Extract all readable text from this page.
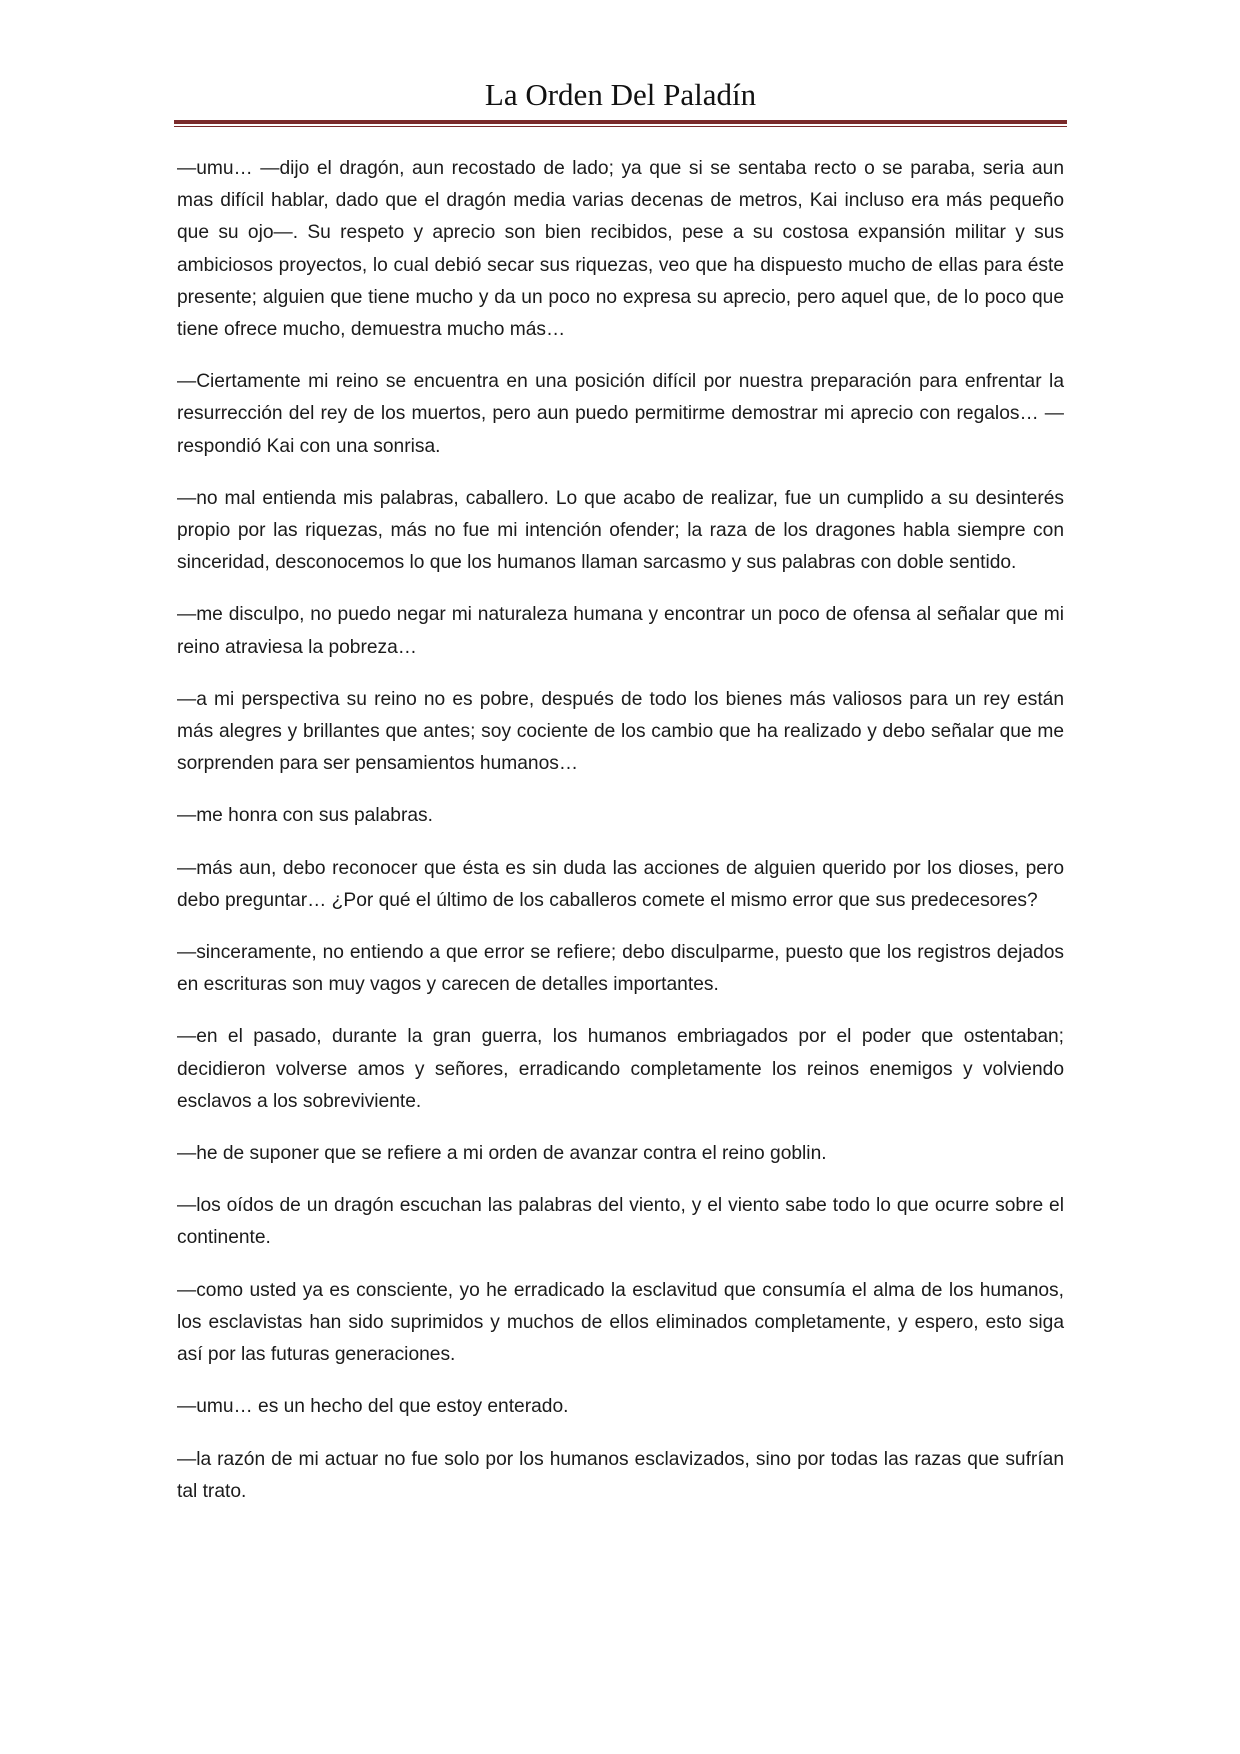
La Orden Del Paladín

—umu… —dijo el dragón, aun recostado de lado; ya que si se sentaba recto o se paraba, seria aun mas difícil hablar, dado que el dragón media varias decenas de metros, Kai incluso era más pequeño que su ojo—. Su respeto y aprecio son bien recibidos, pese a su costosa expansión militar y sus ambiciosos proyectos, lo cual debió secar sus riquezas, veo que ha dispuesto mucho de ellas para éste presente; alguien que tiene mucho y da un poco no expresa su aprecio, pero aquel que, de lo poco que tiene ofrece mucho, demuestra mucho más…

—Ciertamente mi reino se encuentra en una posición difícil por nuestra preparación para enfrentar la resurrección del rey de los muertos, pero aun puedo permitirme demostrar mi aprecio con regalos… —respondió Kai con una sonrisa.

—no mal entienda mis palabras, caballero. Lo que acabo de realizar, fue un cumplido a su desinterés propio por las riquezas, más no fue mi intención ofender; la raza de los dragones habla siempre con sinceridad, desconocemos lo que los humanos llaman sarcasmo y sus palabras con doble sentido.

—me disculpo, no puedo negar mi naturaleza humana y encontrar un poco de ofensa al señalar que mi reino atraviesa la pobreza…

—a mi perspectiva su reino no es pobre, después de todo los bienes más valiosos para un rey están más alegres y brillantes que antes; soy cociente de los cambio que ha realizado y debo señalar que me sorprenden para ser pensamientos humanos…

—me honra con sus palabras.

—más aun, debo reconocer que ésta es sin duda las acciones de alguien querido por los dioses, pero debo preguntar… ¿Por qué el último de los caballeros comete el mismo error que sus predecesores?

—sinceramente, no entiendo a que error se refiere; debo disculparme, puesto que los registros dejados en escrituras son muy vagos y carecen de detalles importantes.

—en el pasado, durante la gran guerra, los humanos embriagados por el poder que ostentaban; decidieron volverse amos y señores, erradicando completamente los reinos enemigos y volviendo esclavos a los sobreviviente.

—he de suponer que se refiere a mi orden de avanzar contra el reino goblin.

—los oídos de un dragón escuchan las palabras del viento, y el viento sabe todo lo que ocurre sobre el continente.

—como usted ya es consciente, yo he erradicado la esclavitud que consumía el alma de los humanos, los esclavistas han sido suprimidos y muchos de ellos eliminados completamente, y espero, esto siga así por las futuras generaciones.

—umu… es un hecho del que estoy enterado.

—la razón de mi actuar no fue solo por los humanos esclavizados, sino por todas las razas que sufrían tal trato.
